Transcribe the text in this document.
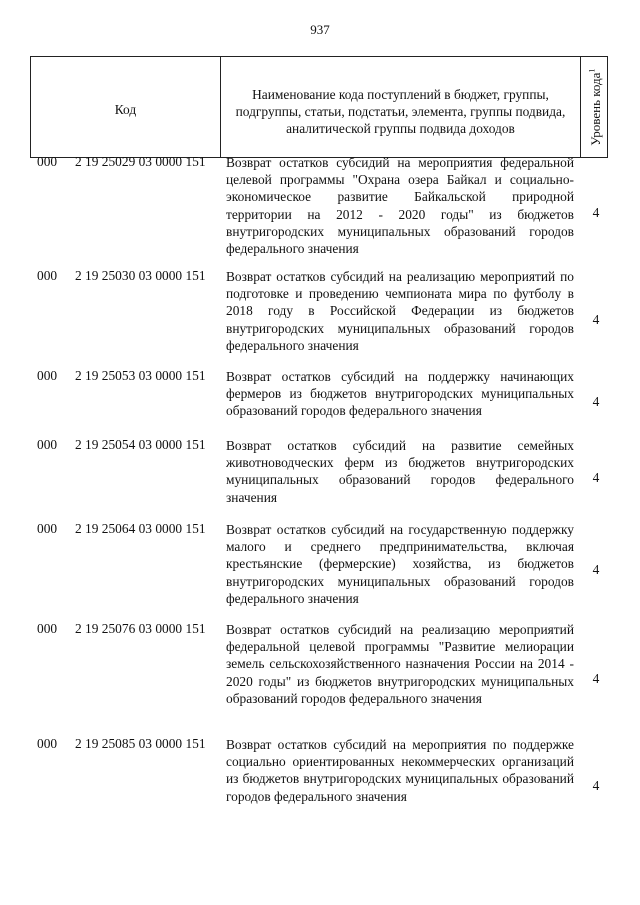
937
Код
Наименование кода поступлений в бюджет, группы, подгруппы, статьи, подстатьи, элемента, группы подвида, аналитической группы подвида доходов	Уровень кода$^1$
000 2 19 25029 03 0000 151 Возврат остатков субсидий на мероприятия федеральной целевой программы "Охрана озера Байкал и социально-экономическое развитие Байкальской природной территории на 2012 - 2020 годы" из бюджетов внутригородских муниципальных образований городов федерального значения
4
000 2 19 25030 03 0000 151 Возврат остатков субсидий на реализацию мероприятий по подготовке и проведению чемпионата мира по футболу в 2018 году в Российской Федерации из бюджетов внутригородских муниципальных образований городов федерального значения
4
000 2 19 25053 03 0000 151 Возврат остатков субсидий на поддержку начинающих фермеров из бюджетов внутригородских муниципальных образований городов федерального значения
4
000 2 19 25054 03 0000 151 Возврат остатков субсидий на развитие семейных животноводческих ферм из бюджетов внутригородских муниципальных образований городов федерального значения
4
000 2 19 25064 03 0000 151 Возврат остатков субсидий на государственную поддержку малого и среднего предпринимательства, включая крестьянские (фермерские) хозяйства, из бюджетов внутригородских муниципальных образований городов федерального значения
4
000 2 19 25076 03 0000 151 Возврат остатков субсидий на реализацию мероприятий федеральной целевой программы "Развитие мелиорации земель сельскохозяйственного назначения России на 2014 - 2020 годы" из бюджетов внутригородских муниципальных образований городов федерального значения
4
000 2 19 25085 03 0000 151 Возврат остатков субсидий на мероприятия по поддержке социально ориентированных некоммерческих организаций из бюджетов внутригородских муниципальных образований городов федерального значения
4
